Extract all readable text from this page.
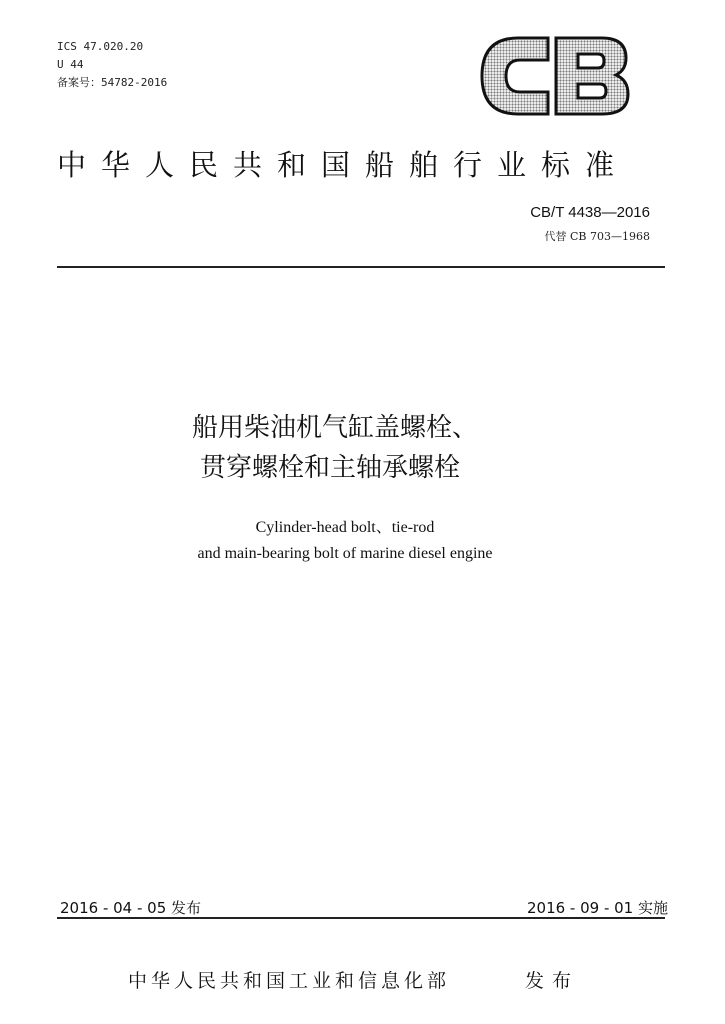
ICS 47.020.20
U 44
备案号：54782-2016
中华人民共和国船舶行业标准
CB/T 4438—2016
代替 CB 703—1968
船用柴油机气缸盖螺栓、
贯穿螺栓和主轴承螺栓
Cylinder-head bolt、tie-rod
and main-bearing bolt of marine diesel engine
2016 - 04 - 05 发布	2016 - 09 - 01 实施
中华人民共和国工业和信息化部	发布
